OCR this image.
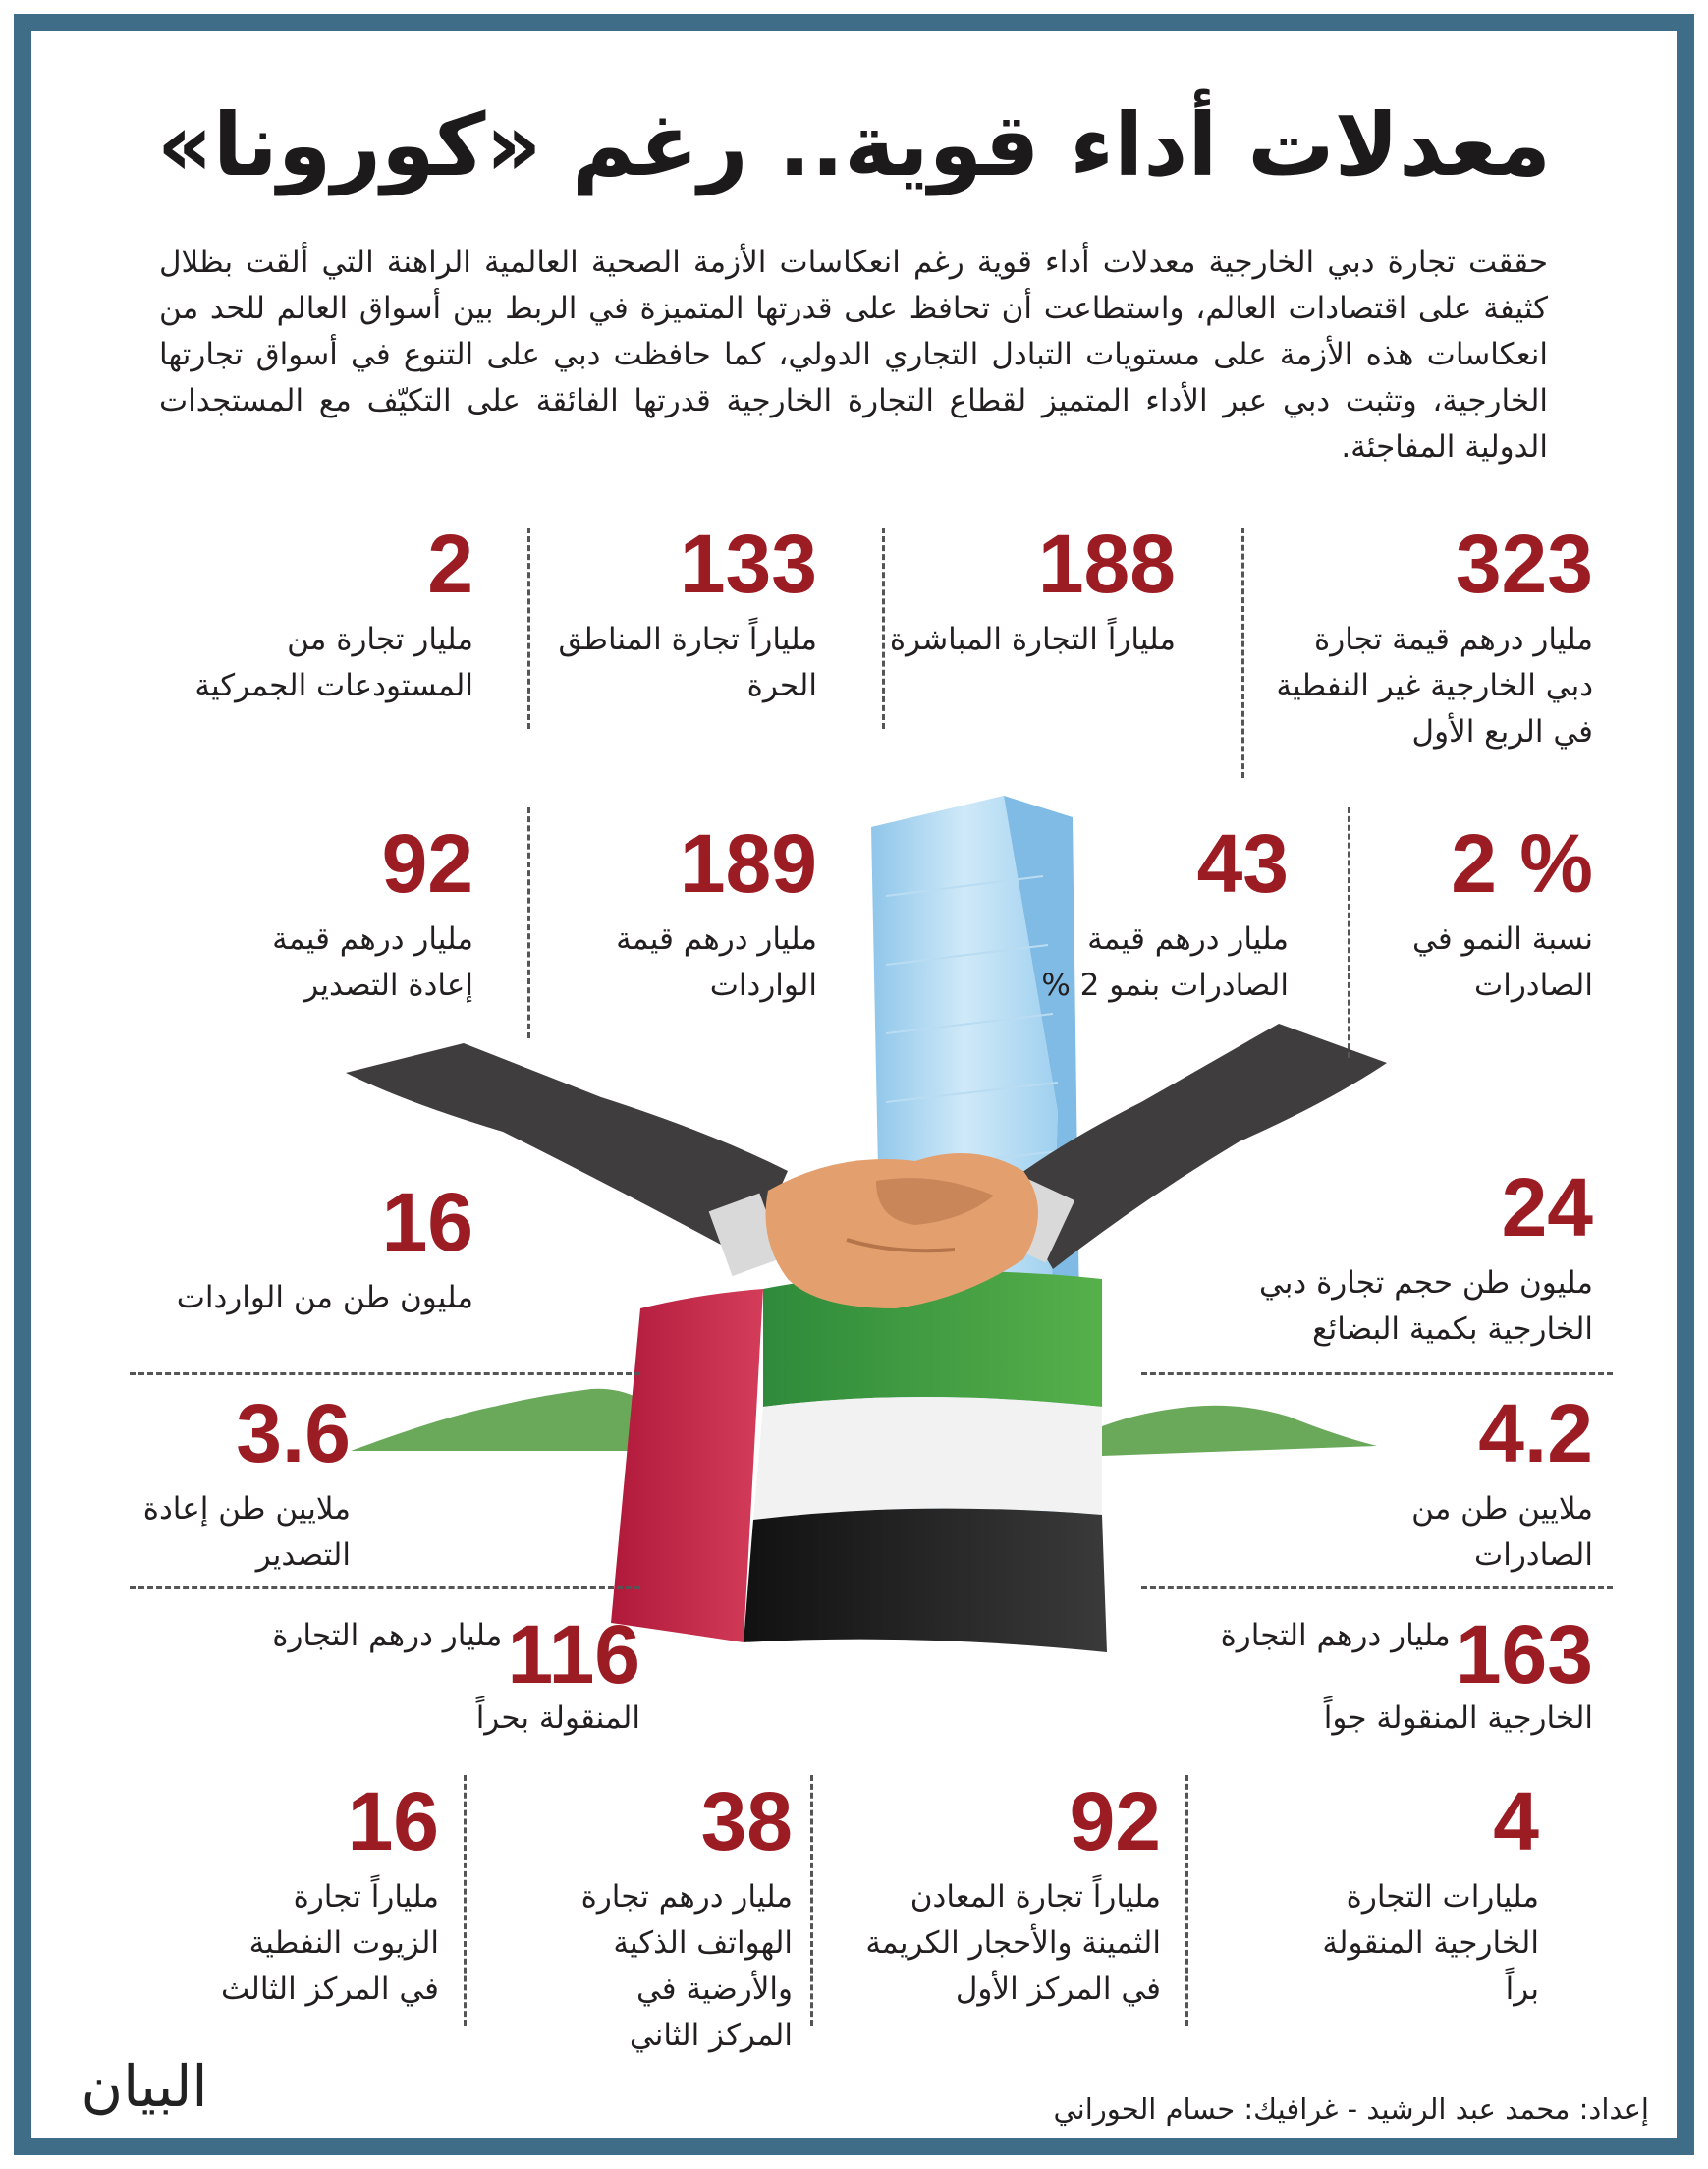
معدلات أداء قوية.. رغم «كورونا»

حققت تجارة دبي الخارجية معدلات أداء قوية رغم انعكاسات الأزمة الصحية العالمية الراهنة التي ألقت بظلال كثيفة على اقتصادات العالم، واستطاعت أن تحافظ على قدرتها المتميزة في الربط بين أسواق العالم للحد من انعكاسات هذه الأزمة على مستويات التبادل التجاري الدولي، كما حافظت دبي على التنوع في أسواق تجارتها الخارجية، وتثبت دبي عبر الأداء المتميز لقطاع التجارة الخارجية قدرتها الفائقة على التكيّف مع المستجدات الدولية المفاجئة.

323
مليار درهم قيمة تجارة دبي الخارجية غير النفطية في الربع الأول
188
ملياراً التجارة المباشرة
133
ملياراً تجارة المناطق الحرة
2
مليار تجارة من المستودعات الجمركية
2 %
نسبة النمو في الصادرات
43
مليار درهم قيمة الصادرات بنمو 2 %
189
مليار درهم قيمة الواردات
92
مليار درهم قيمة إعادة التصدير
24
مليون طن حجم تجارة دبي الخارجية بكمية البضائع
16
مليون طن من الواردات
4.2
ملايين طن من الصادرات
3.6
ملايين طن إعادة التصدير
163 مليار درهم التجارة الخارجية المنقولة جواً
116 مليار درهم التجارة المنقولة بحراً
4
مليارات التجارة الخارجية المنقولة براً
92
ملياراً تجارة المعادن الثمينة والأحجار الكريمة في المركز الأول
38
مليار درهم تجارة الهواتف الذكية والأرضية في المركز الثاني
16
ملياراً تجارة الزيوت النفطية في المركز الثالث
إعداد: محمد عبد الرشيد - غرافيك: حسام الحوراني
البيان
